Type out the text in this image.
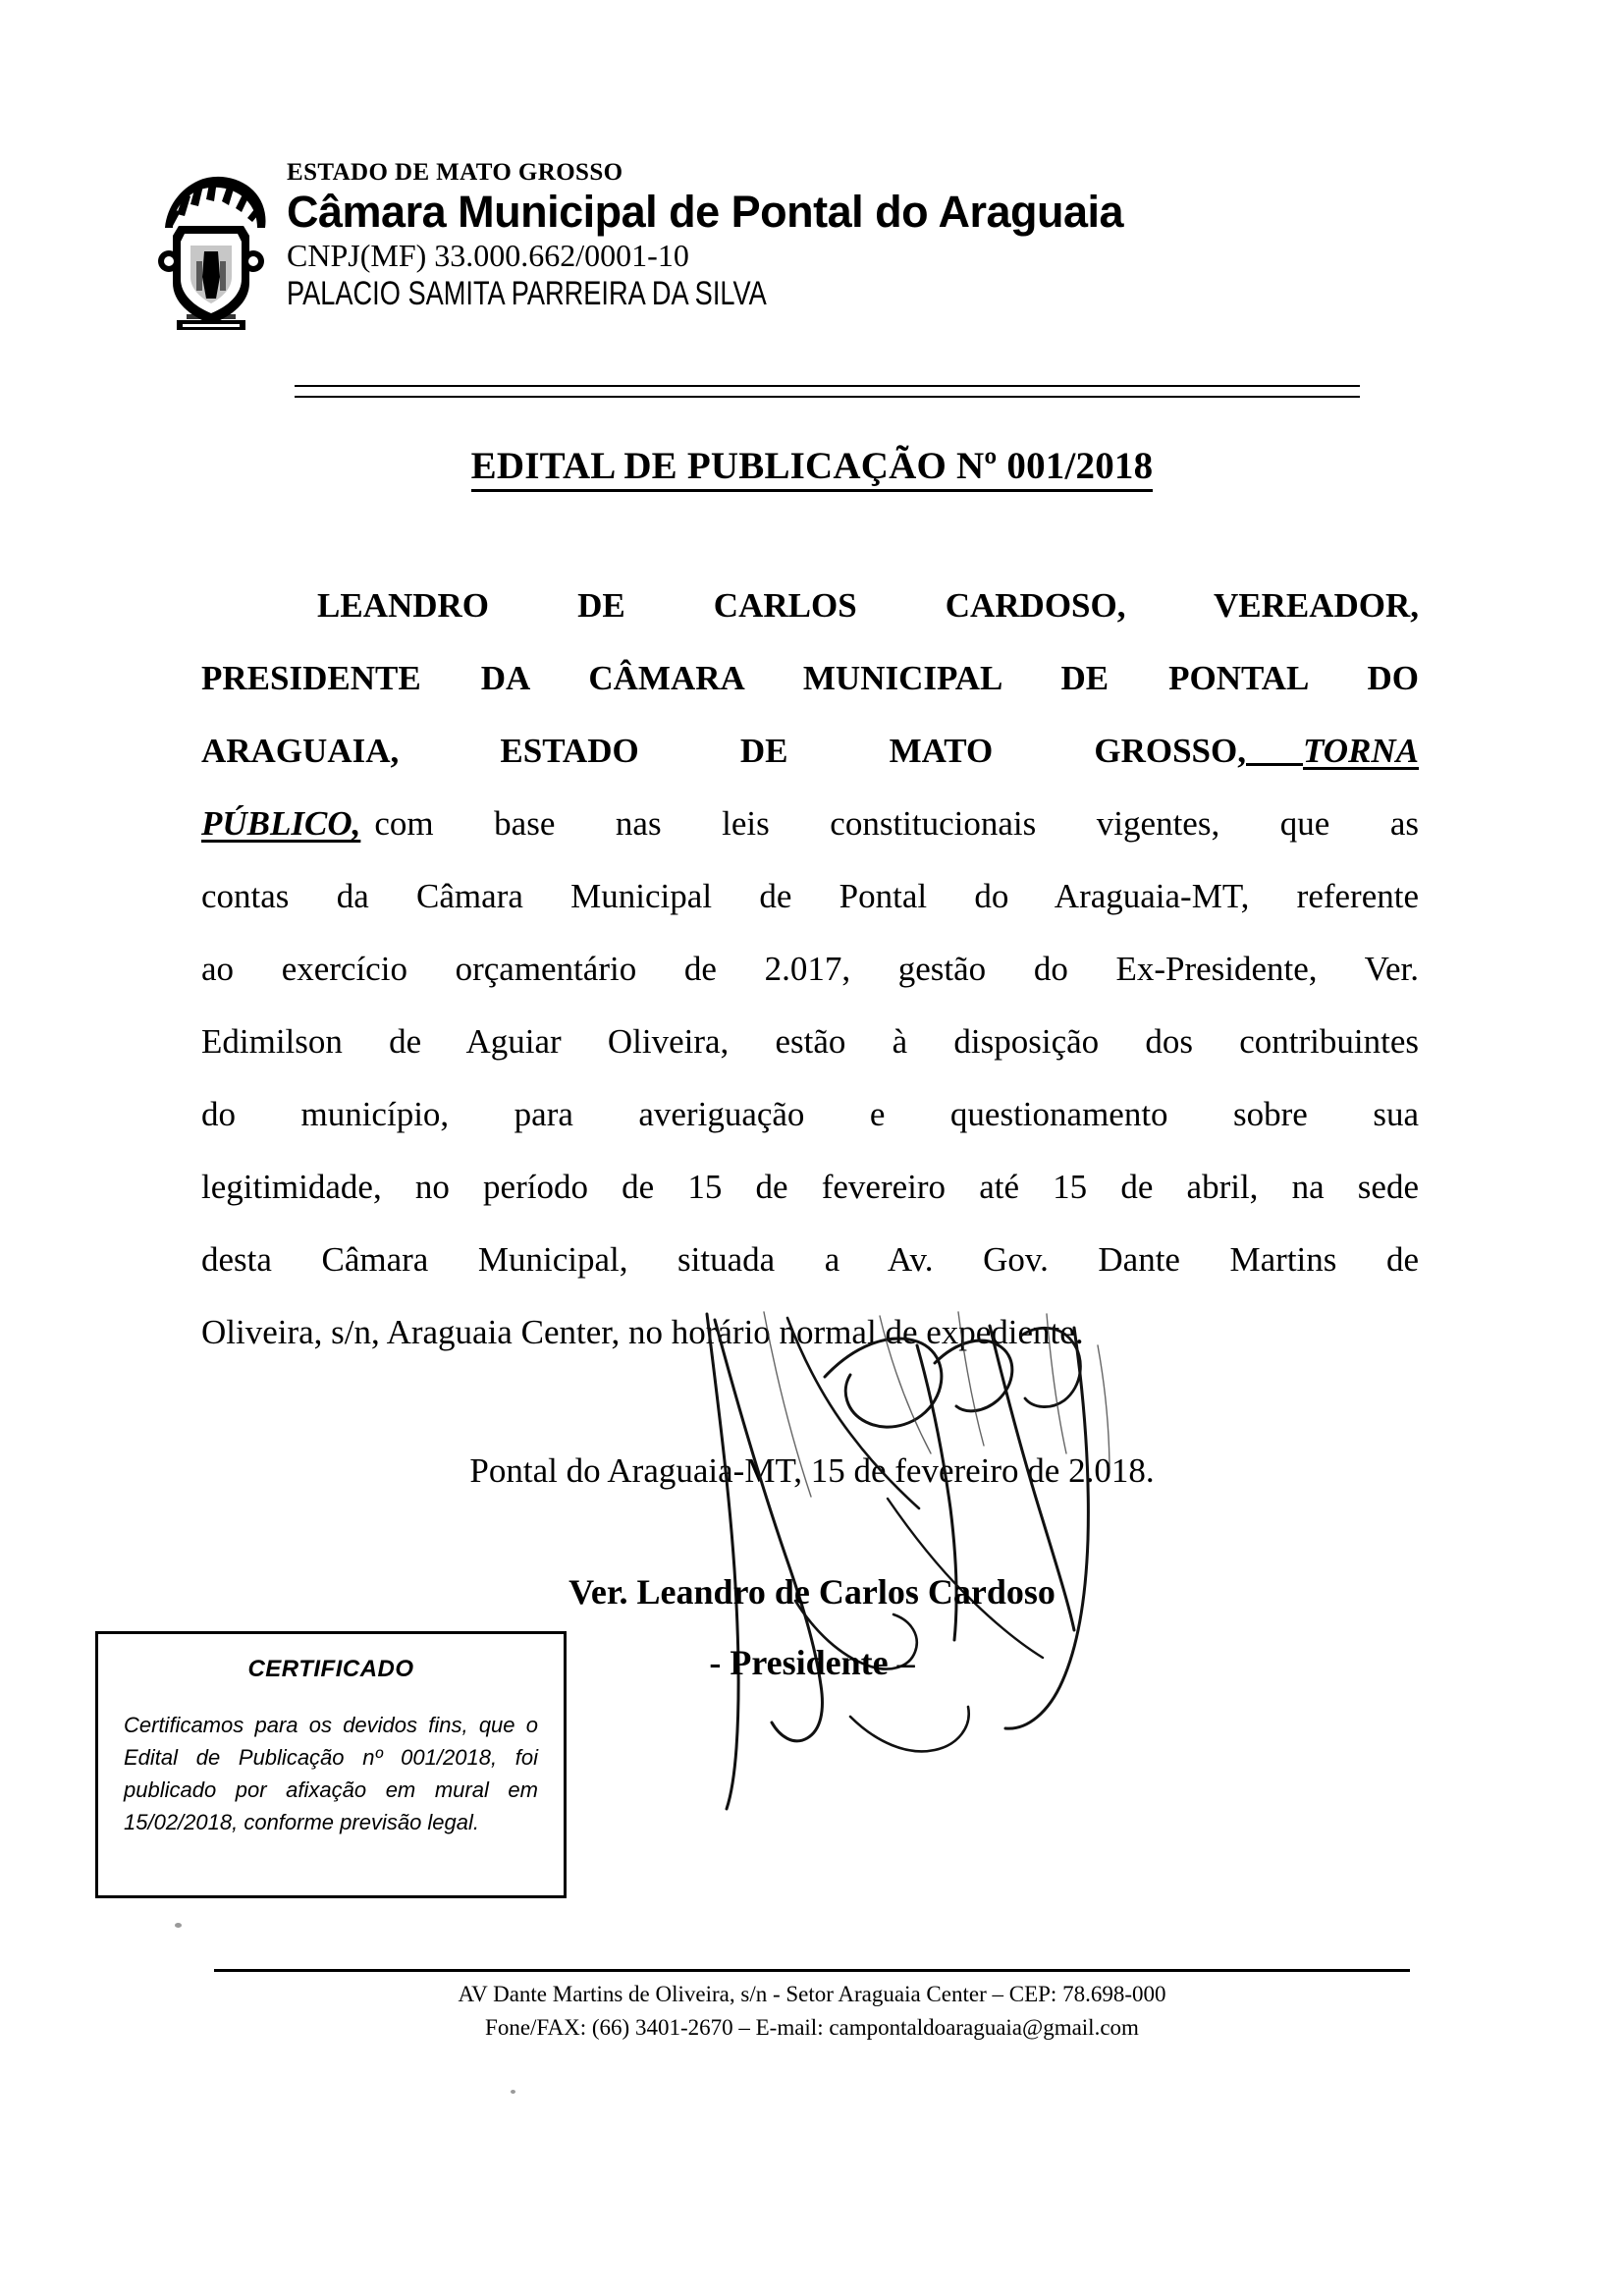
ESTADO DE MATO GROSSO

Câmara Municipal de Pontal do Araguaia

CNPJ(MF) 33.000.662/0001-10

PALACIO SAMITA PARREIRA DA SILVA

EDITAL DE PUBLICAÇÃO Nº 001/2018
LEANDRO DE CARLOS CARDOSO, VEREADOR,
PRESIDENTE DA CÂMARA MUNICIPAL DE PONTAL DO
ARAGUAIA, ESTADO DE MATO GROSSO, TORNA
PÚBLICO, com base nas leis constitucionais vigentes, que as
contas da Câmara Municipal de Pontal do Araguaia-MT, referente
ao exercício orçamentário de 2.017, gestão do Ex-Presidente, Ver.
Edimilson de Aguiar Oliveira, estão à disposição dos contribuintes
do município, para averiguação e questionamento sobre sua
legitimidade, no período de 15 de fevereiro até 15 de abril, na sede
desta Câmara Municipal, situada a Av. Gov. Dante Martins de
Oliveira, s/n, Araguaia Center, no horário normal de expediente.
Pontal do Araguaia-MT, 15 de fevereiro de 2.018.
Ver. Leandro de Carlos Cardoso
- Presidente –
CERTIFICADO
Certificamos para os devidos fins, que o Edital de Publicação nº 001/2018, foi publicado por afixação em mural em 15/02/2018, conforme previsão legal.
AV Dante Martins de Oliveira, s/n - Setor Araguaia Center – CEP: 78.698-000
Fone/FAX: (66) 3401-2670 – E-mail: campontaldoaraguaia@gmail.com
